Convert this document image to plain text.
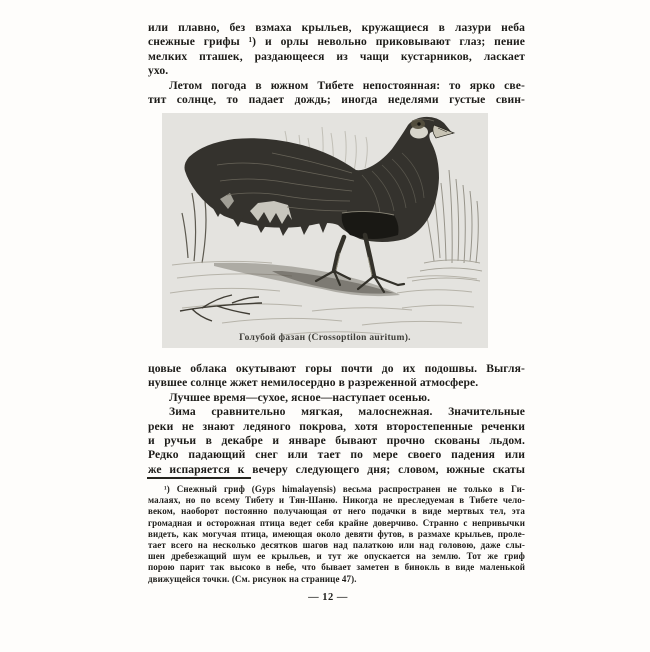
или плавно, без взмаха крыльев, кружащиеся в лазури неба
снежные грифы ¹) и орлы невольно приковывают глаз; пение
мелких пташек, раздающееся из чащи кустарников, ласкает
ухо.
Летом погода в южном Тибете непостоянная: то ярко све-
тит солнце, то падает дождь; иногда неделями густые свин-
Голубой фазан (Crossoptilon auritum).
цовые облака окутывают горы почти до их подошвы. Выгля-
нувшее солнце жжет немилосердно в разреженной атмосфере.
Лучшее время—сухое, ясное—наступает осенью.
Зима сравнительно мягкая, малоснежная. Значительные
реки не знают ледяного покрова, хотя второстепенные реченки
и ручьи в декабре и январе бывают прочно скованы льдом.
Редко падающий снег или тает по мере своего падения или
же испаряется к вечеру следующего дня; словом, южные скаты
¹) Снежный гриф (Gyps himalayensis) весьма распространен не только в Ги-
малаях, но по всему Тибету и Тян-Шаню. Никогда не преследуемая в Тибете чело-
веком, наоборот постоянно получающая от него подачки в виде мертвых тел, эта
громадная и осторожная птица ведет себя крайне доверчиво. Странно с непривычки
видеть, как могучая птица, имеющая около девяти футов, в размахе крыльев, проле-
тает всего на несколько десятков шагов над палаткою или над головою, даже слы-
шен дребезжащий шум ее крыльев, и тут же опускается на землю. Тот же гриф
порою парит так высоко в небе, что бывает заметен в бинокль в виде маленькой
движущейся точки. (См. рисунок на странице 47).
— 12 —
